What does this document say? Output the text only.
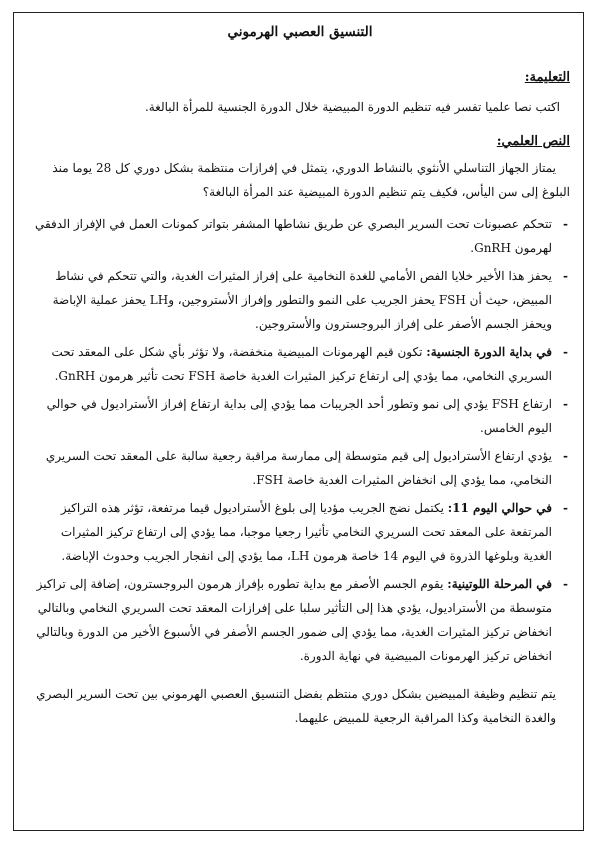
التنسيق العصبي الهرموني
التعليمة:
اكتب نصا علميا تفسر فيه تنظيم الدورة المبيضية خلال الدورة الجنسية للمرأة البالغة.
النص العلمي:
يمتاز الجهاز التناسلي الأنثوي بالنشاط الدوري، يتمثل في إفرازات منتظمة بشكل دوري كل 28 يوما منذ البلوغ إلى سن اليأس، فكيف يتم تنظيم الدورة المبيضية عند المرأة البالغة؟
-
تتحكم عصبونات تحت السرير البصري عن طريق نشاطها المشفر بتواتر كمونات العمل في الإفراز الدفقي لهرمون GnRH.
-
يحفز هذا الأخير خلايا الفص الأمامي للغدة النخامية على إفراز المثيرات الغدية، والتي تتحكم في نشاط المبيض، حيث أن FSH يحفز الجريب على النمو والتطور وإفراز الأستروجين، وLH يحفز عملية الإباضة ويحفز الجسم الأصفر على إفراز البروجسترون والأستروجين.
-
في بداية الدورة الجنسية: تكون قيم الهرمونات المبيضية منخفضة، ولا تؤثر بأي شكل على المعقد تحت السريري النخامي، مما يؤدي إلى ارتفاع تركيز المثيرات الغدية خاصة FSH تحت تأثير هرمون GnRH.
-
ارتفاع FSH يؤدي إلى نمو وتطور أحد الجريبات مما يؤدي إلى بداية ارتفاع إفراز الأستراديول في حوالي اليوم الخامس.
-
يؤدي ارتفاع الأستراديول إلى قيم متوسطة إلى ممارسة مراقبة رجعية سالبة على المعقد تحت السريري النخامي، مما يؤدي إلى انخفاض المثيرات الغدية خاصة FSH.
-
في حوالي اليوم 11: يكتمل نضج الجريب مؤديا إلى بلوغ الأستراديول قيما مرتفعة، تؤثر هذه التراكيز المرتفعة على المعقد تحت السريري النخامي تأثيرا رجعيا موجبا، مما يؤدي إلى ارتفاع تركيز المثيرات الغدية وبلوغها الذروة في اليوم 14 خاصة هرمون LH، مما يؤدي إلى انفجار الجريب وحدوث الإباضة.
-
في المرحلة اللوتينية: يقوم الجسم الأصفر مع بداية تطوره بإفراز هرمون البروجسترون، إضافة إلى تراكيز متوسطة من الأستراديول، يؤدي هذا إلى التأثير سلبا على إفرازات المعقد تحت السريري النخامي وبالتالي انخفاض تركيز المثيرات الغدية، مما يؤدي إلى ضمور الجسم الأصفر في الأسبوع الأخير من الدورة وبالتالي انخفاض تركيز الهرمونات المبيضية في نهاية الدورة.
يتم تنظيم وظيفة المبيضين بشكل دوري منتظم بفضل التنسيق العصبي الهرموني بين تحت السرير البصري والغدة النخامية وكذا المراقبة الرجعية للمبيض عليهما.
